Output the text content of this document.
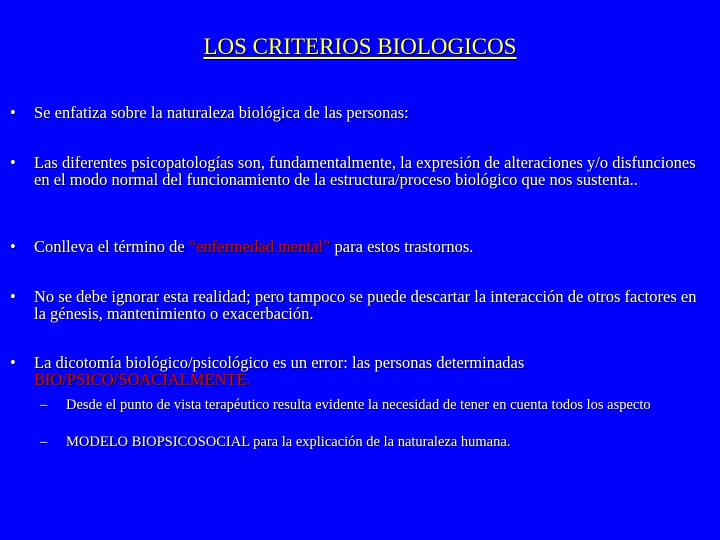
LOS CRITERIOS BIOLOGICOS
•	Se enfatiza sobre la naturaleza biológica de las personas:
•	Las diferentes psicopatologías son, fundamentalmente, la expresión de alteraciones y/o disfunciones en el modo normal del funcionamiento de la estructura/proceso biológico que nos sustenta..
•	Conlleva el término de “enfermedad mental” para estos trastornos.
•	No se debe ignorar esta realidad; pero tampoco se puede descartar la interacción de otros factores en la génesis, mantenimiento o exacerbación.
•	La dicotomía biológico/psicológico es un error: las personas determinadas BIO/PSICO/SOACIALMENTE.
– Desde el punto de vista terapéutico resulta evidente la necesidad de tener en cuenta todos los aspecto
– MODELO BIOPSICOSOCIAL para la explicación de la naturaleza humana.
